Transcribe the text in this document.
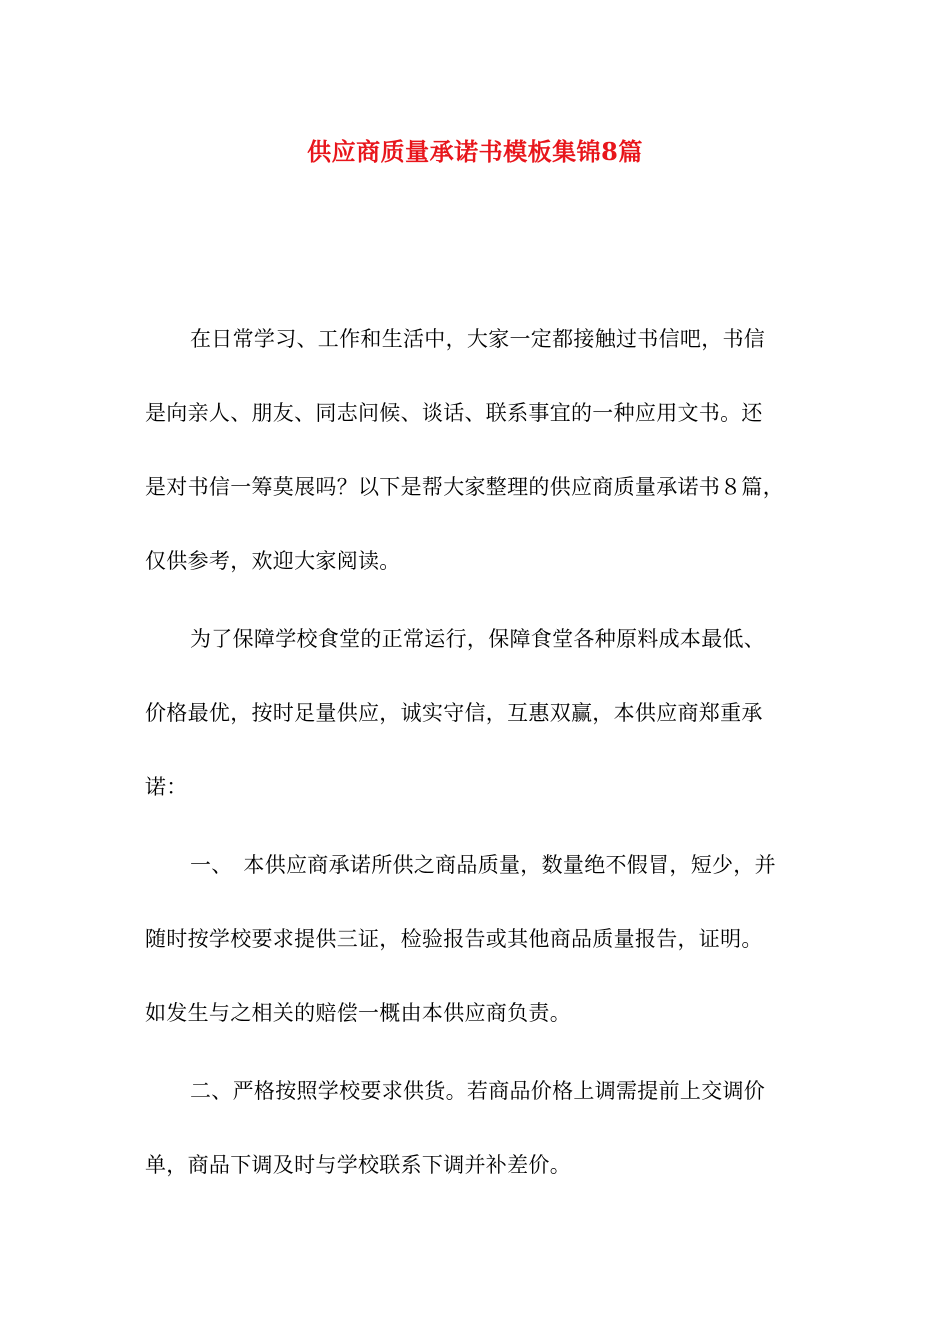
供应商质量承诺书模板集锦8篇
在日常学习、工作和生活中，大家一定都接触过书信吧，书信
是向亲人、朋友、同志问候、谈话、联系事宜的一种应用文书。还
是对书信一筹莫展吗？以下是帮大家整理的供应商质量承诺书８篇，
仅供参考，欢迎大家阅读。
为了保障学校食堂的正常运行，保障食堂各种原料成本最低、
价格最优，按时足量供应，诚实守信，互惠双赢，本供应商郑重承
诺：
一、　本供应商承诺所供之商品质量，数量绝不假冒，短少，并
随时按学校要求提供三证，检验报告或其他商品质量报告，证明。
如发生与之相关的赔偿一概由本供应商负责。
二、严格按照学校要求供货。若商品价格上调需提前上交调价
单，商品下调及时与学校联系下调并补差价。
